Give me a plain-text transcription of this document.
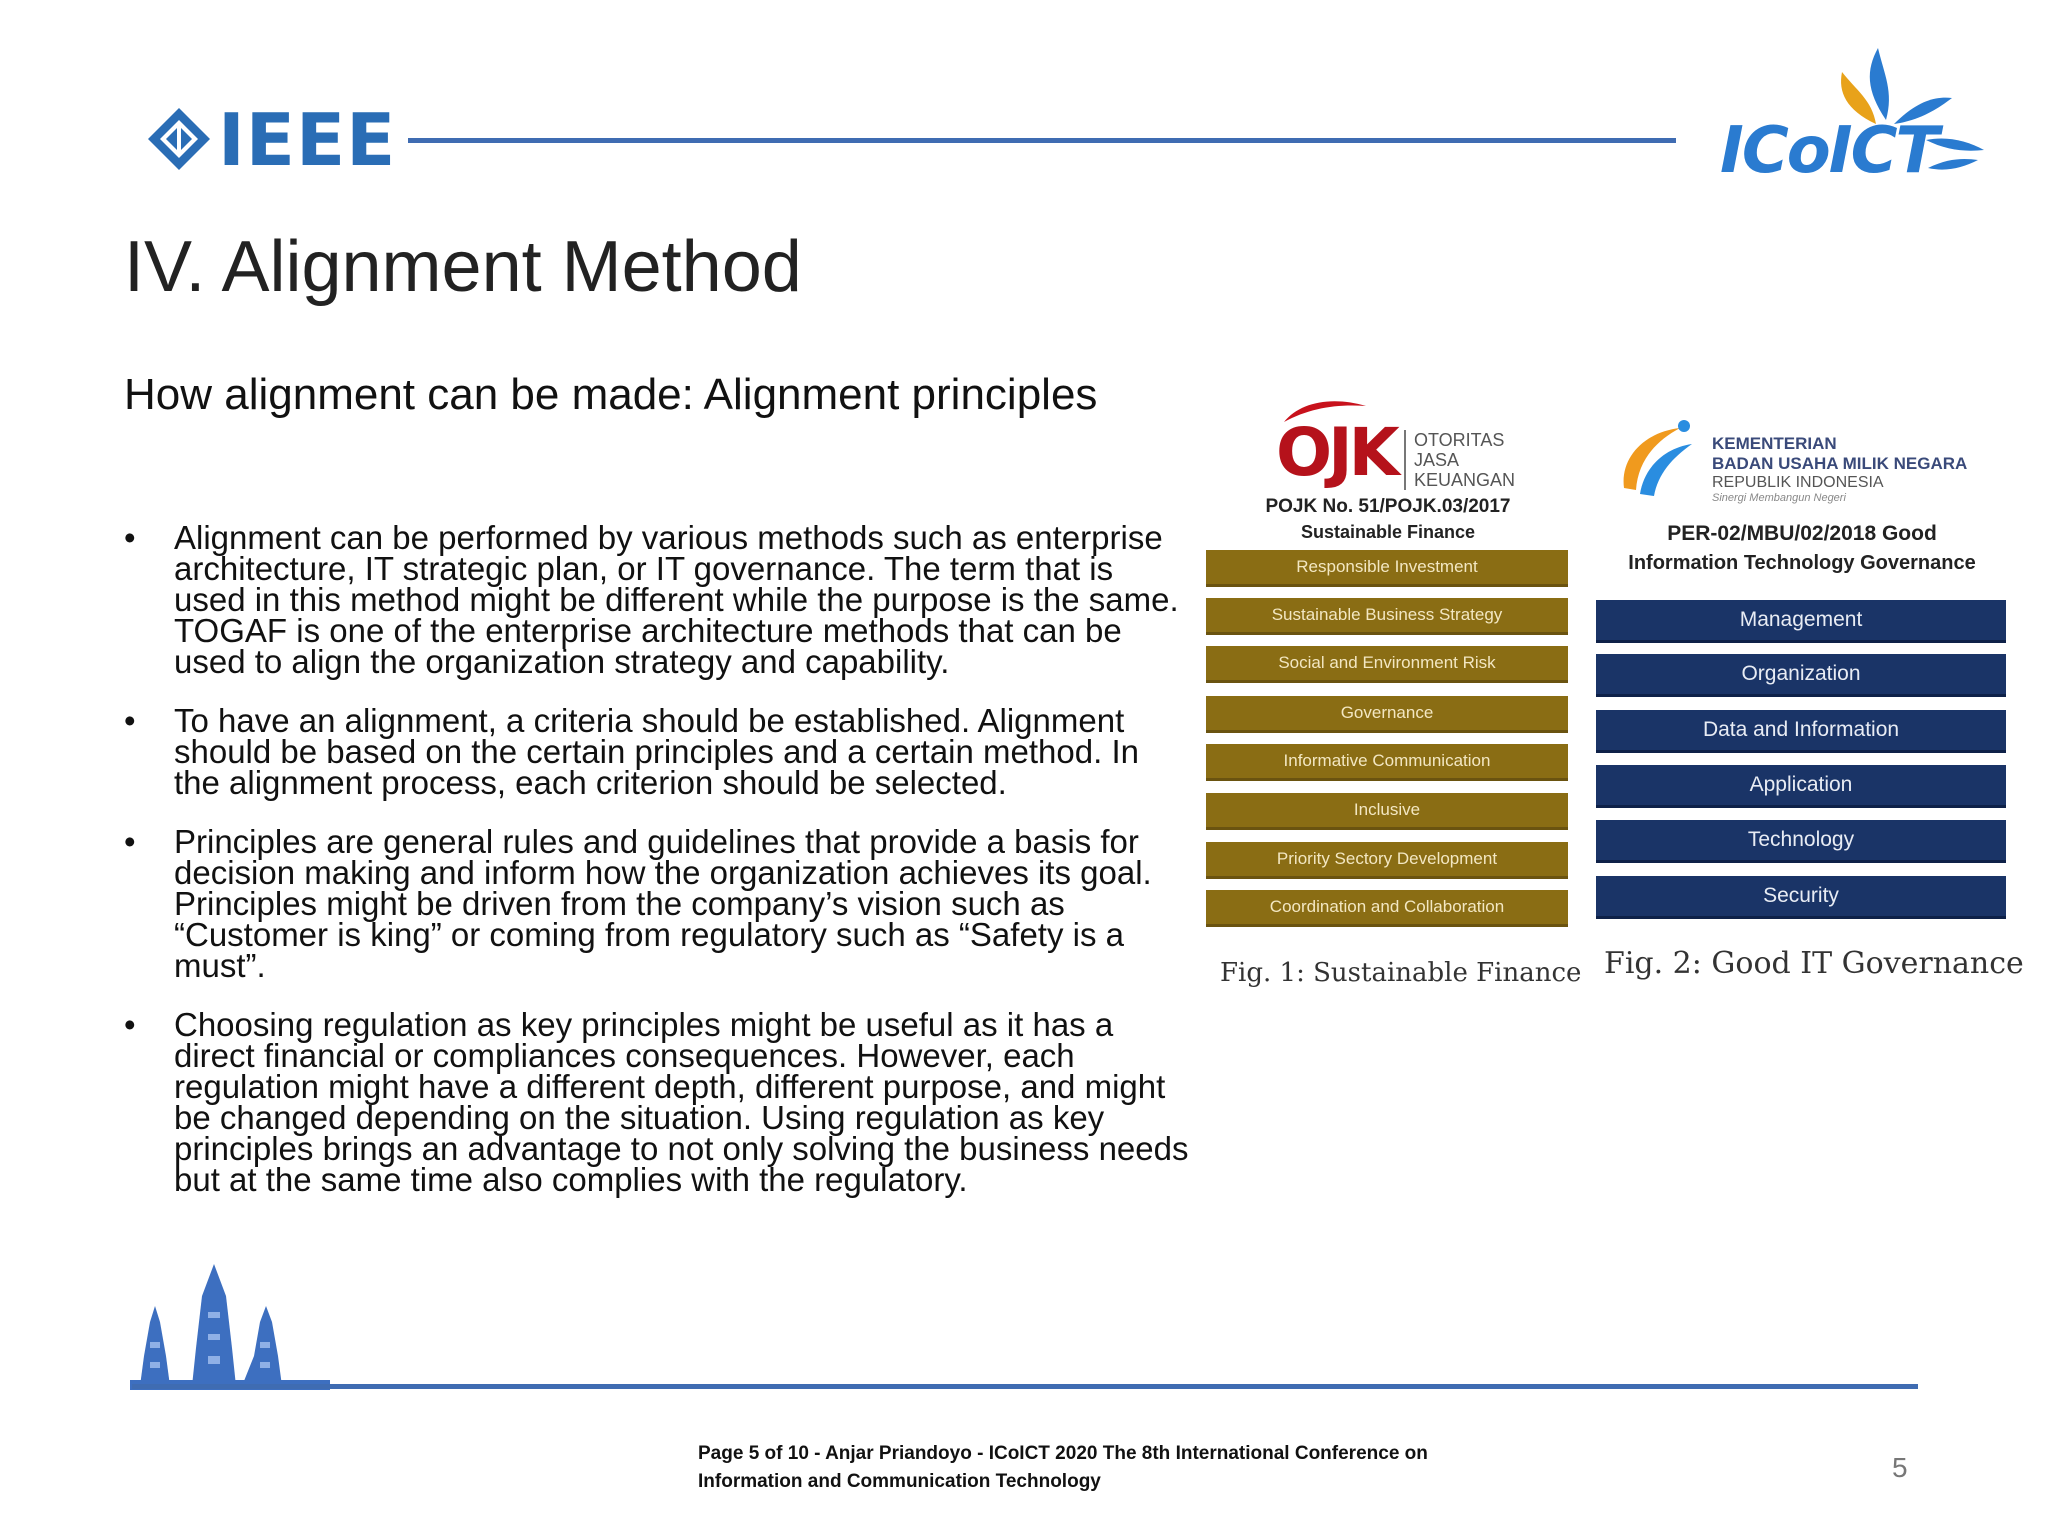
IEEE	ICoICT
IV. Alignment Method
How alignment can be made: Alignment principles
• Alignment can be performed by various methods such as enterprise architecture, IT strategic plan, or IT governance. The term that is used in this method might be different while the purpose is the same. TOGAF is one of the enterprise architecture methods that can be used to align the organization strategy and capability.
• To have an alignment, a criteria should be established. Alignment should be based on the certain principles and a certain method. In the alignment process, each criterion should be selected.
• Principles are general rules and guidelines that provide a basis for decision making and inform how the organization achieves its goal. Principles might be driven from the company’s vision such as “Customer is king” or coming from regulatory such as “Safety is a must”.
• Choosing regulation as key principles might be useful as it has a direct financial or compliances consequences. However, each regulation might have a different depth, different purpose, and might be changed depending on the situation. Using regulation as key principles brings an advantage to not only solving the business needs but at the same time also complies with the regulatory.
OJK OTORITAS
JASA
KEUANGAN
POJK No. 51/POJK.03/2017
Sustainable Finance
Responsible Investment
Sustainable Business Strategy
Social and Environment Risk
Governance
Informative Communication
Inclusive
Priority Sectory Development
Coordination and Collaboration
Fig. 1: Sustainable Finance
KEMENTERIAN
BADAN USAHA MILIK NEGARA
REPUBLIK INDONESIA
Sinergi Membangun Negeri
PER-02/MBU/02/2018 Good
Information Technology Governance
Management
Organization
Data and Information
Application
Technology
Security
Fig. 2: Good IT Governance
Page 5 of 10 - Anjar Priandoyo - ICoICT 2020 The 8th International Conference on
Information and Communication Technology	5
